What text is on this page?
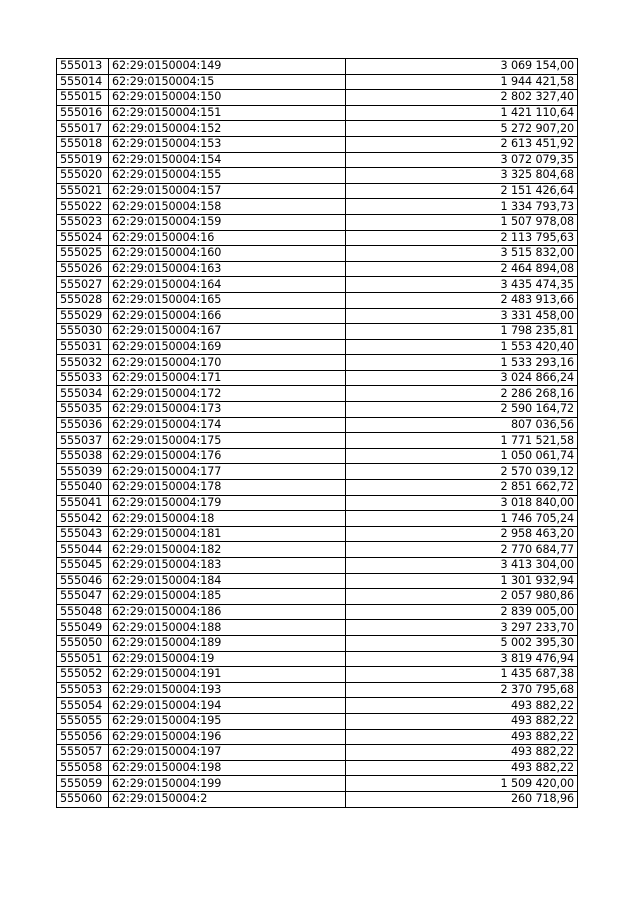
555013	62:29:0150004:149	3 069 154,00
555014	62:29:0150004:15	1 944 421,58
555015	62:29:0150004:150	2 802 327,40
555016	62:29:0150004:151	1 421 110,64
555017	62:29:0150004:152	5 272 907,20
555018	62:29:0150004:153	2 613 451,92
555019	62:29:0150004:154	3 072 079,35
555020	62:29:0150004:155	3 325 804,68
555021	62:29:0150004:157	2 151 426,64
555022	62:29:0150004:158	1 334 793,73
555023	62:29:0150004:159	1 507 978,08
555024	62:29:0150004:16	2 113 795,63
555025	62:29:0150004:160	3 515 832,00
555026	62:29:0150004:163	2 464 894,08
555027	62:29:0150004:164	3 435 474,35
555028	62:29:0150004:165	2 483 913,66
555029	62:29:0150004:166	3 331 458,00
555030	62:29:0150004:167	1 798 235,81
555031	62:29:0150004:169	1 553 420,40
555032	62:29:0150004:170	1 533 293,16
555033	62:29:0150004:171	3 024 866,24
555034	62:29:0150004:172	2 286 268,16
555035	62:29:0150004:173	2 590 164,72
555036	62:29:0150004:174	807 036,56
555037	62:29:0150004:175	1 771 521,58
555038	62:29:0150004:176	1 050 061,74
555039	62:29:0150004:177	2 570 039,12
555040	62:29:0150004:178	2 851 662,72
555041	62:29:0150004:179	3 018 840,00
555042	62:29:0150004:18	1 746 705,24
555043	62:29:0150004:181	2 958 463,20
555044	62:29:0150004:182	2 770 684,77
555045	62:29:0150004:183	3 413 304,00
555046	62:29:0150004:184	1 301 932,94
555047	62:29:0150004:185	2 057 980,86
555048	62:29:0150004:186	2 839 005,00
555049	62:29:0150004:188	3 297 233,70
555050	62:29:0150004:189	5 002 395,30
555051	62:29:0150004:19	3 819 476,94
555052	62:29:0150004:191	1 435 687,38
555053	62:29:0150004:193	2 370 795,68
555054	62:29:0150004:194	493 882,22
555055	62:29:0150004:195	493 882,22
555056	62:29:0150004:196	493 882,22
555057	62:29:0150004:197	493 882,22
555058	62:29:0150004:198	493 882,22
555059	62:29:0150004:199	1 509 420,00
555060	62:29:0150004:2	260 718,96
